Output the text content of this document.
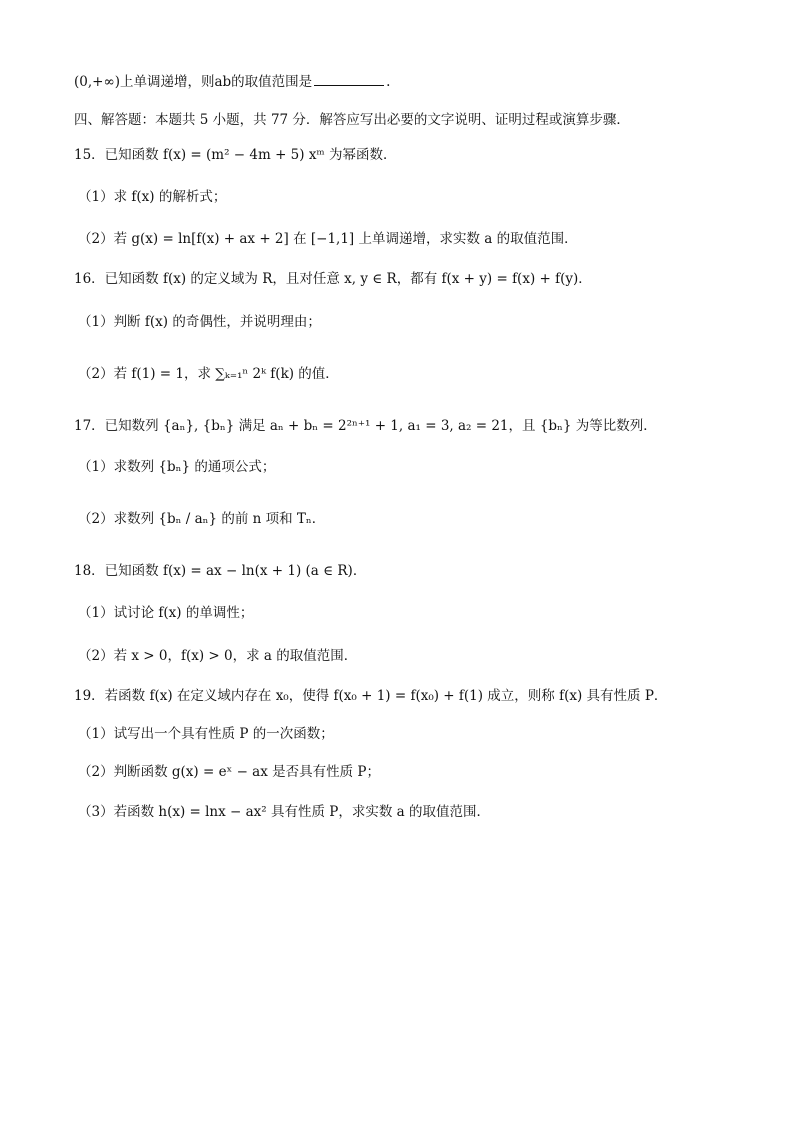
(0,+∞)上单调递增，则ab的取值范围是	.
四、解答题：本题共 5 小题，共 77 分．解答应写出必要的文字说明、证明过程或演算步骤．
15．已知函数 f(x) = (m² − 4m + 5) xᵐ 为幂函数．
（1）求 f(x) 的解析式；
（2）若 g(x) = ln[f(x) + ax + 2] 在 [−1,1] 上单调递增，求实数 a 的取值范围．
16．已知函数 f(x) 的定义域为 R，且对任意 x, y ∈ R，都有 f(x + y) = f(x) + f(y)．
（1）判断 f(x) 的奇偶性，并说明理由；
（2）若 f(1) = 1，求 ∑ₖ₌₁ⁿ 2ᵏ f(k) 的值．
17．已知数列 {aₙ}, {bₙ} 满足 aₙ + bₙ = 2²ⁿ⁺¹ + 1, a₁ = 3, a₂ = 21，且 {bₙ} 为等比数列．
（1）求数列 {bₙ} 的通项公式；
（2）求数列 {bₙ / aₙ} 的前 n 项和 Tₙ．
18．已知函数 f(x) = ax − ln(x + 1) (a ∈ R)．
（1）试讨论 f(x) 的单调性；
（2）若 x > 0，f(x) > 0，求 a 的取值范围．
19．若函数 f(x) 在定义域内存在 x₀，使得 f(x₀ + 1) = f(x₀) + f(1) 成立，则称 f(x) 具有性质 P．
（1）试写出一个具有性质 P 的一次函数；
（2）判断函数 g(x) = eˣ − ax 是否具有性质 P；
（3）若函数 h(x) = lnx − ax² 具有性质 P，求实数 a 的取值范围．
